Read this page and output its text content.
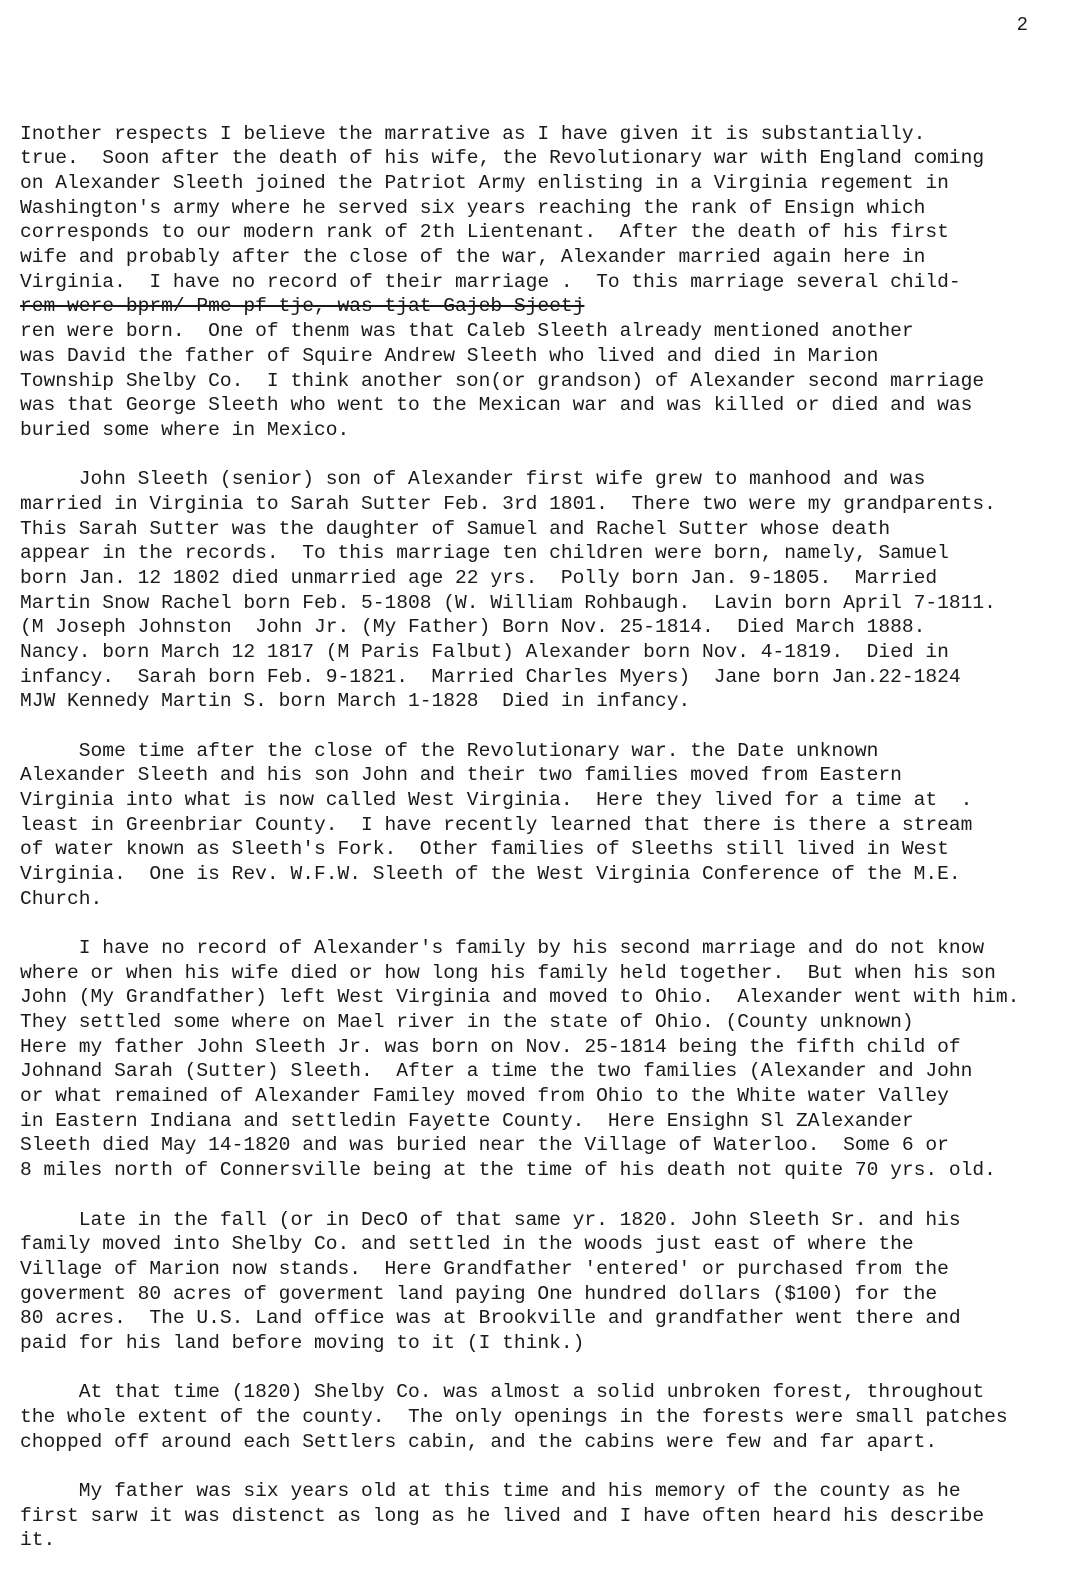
2
Inother respects I believe the marrative as I have given it is substantially.
true.  Soon after the death of his wife, the Revolutionary war with England coming
on Alexander Sleeth joined the Patriot Army enlisting in a Virginia regement in
Washington's army where he served six years reaching the rank of Ensign which
corresponds to our modern rank of 2th Lientenant.  After the death of his first
wife and probably after the close of the war, Alexander married again here in
Virginia.  I have no record of their marriage .  To this marriage several child-
rem were bprm/ Pme pf tje, was tjat Gajeb Sjeetj
ren were born.  One of thenm was that Caleb Sleeth already mentioned another
was David the father of Squire Andrew Sleeth who lived and died in Marion
Township Shelby Co.  I think another son(or grandson) of Alexander second marriage
was that George Sleeth who went to the Mexican war and was killed or died and was
buried some where in Mexico.
John Sleeth (senior) son of Alexander first wife grew to manhood and was
married in Virginia to Sarah Sutter Feb. 3rd 1801.  There two were my grandparents.
This Sarah Sutter was the daughter of Samuel and Rachel Sutter whose death
appear in the records.  To this marriage ten children were born, namely, Samuel
born Jan. 12 1802 died unmarried age 22 yrs.  Polly born Jan. 9-1805.  Married
Martin Snow Rachel born Feb. 5-1808 (W. William Rohbaugh.  Lavin born April 7-1811.
(M Joseph Johnston  John Jr. (My Father) Born Nov. 25-1814.  Died March 1888.
Nancy. born March 12 1817 (M Paris Falbut) Alexander born Nov. 4-1819.  Died in
infancy.  Sarah born Feb. 9-1821.  Married Charles Myers)  Jane born Jan.22-1824
MJW Kennedy Martin S. born March 1-1828  Died in infancy.
Some time after the close of the Revolutionary war. the Date unknown
Alexander Sleeth and his son John and their two families moved from Eastern
Virginia into what is now called West Virginia.  Here they lived for a time at  .
least in Greenbriar County.  I have recently learned that there is there a stream
of water known as Sleeth's Fork.  Other families of Sleeths still lived in West
Virginia.  One is Rev. W.F.W. Sleeth of the West Virginia Conference of the M.E.
Church.
I have no record of Alexander's family by his second marriage and do not know
where or when his wife died or how long his family held together.  But when his son
John (My Grandfather) left West Virginia and moved to Ohio.  Alexander went with him.
They settled some where on Mael river in the state of Ohio. (County unknown)
Here my father John Sleeth Jr. was born on Nov. 25-1814 being the fifth child of
Johnand Sarah (Sutter) Sleeth.  After a time the two families (Alexander and John
or what remained of Alexander Familey moved from Ohio to the White water Valley
in Eastern Indiana and settledin Fayette County.  Here Ensighn Sl ZAlexander
Sleeth died May 14-1820 and was buried near the Village of Waterloo.  Some 6 or
8 miles north of Connersville being at the time of his death not quite 70 yrs. old.
Late in the fall (or in DecO of that same yr. 1820. John Sleeth Sr. and his
family moved into Shelby Co. and settled in the woods just east of where the
Village of Marion now stands.  Here Grandfather 'entered' or purchased from the
goverment 80 acres of goverment land paying One hundred dollars ($100) for the
80 acres.  The U.S. Land office was at Brookville and grandfather went there and
paid for his land before moving to it (I think.)
At that time (1820) Shelby Co. was almost a solid unbroken forest, throughout
the whole extent of the county.  The only openings in the forests were small patches
chopped off around each Settlers cabin, and the cabins were few and far apart.
My father was six years old at this time and his memory of the county as he
first sarw it was distenct as long as he lived and I have often heard his describe
it.
